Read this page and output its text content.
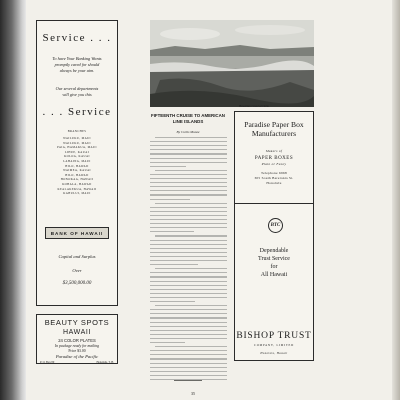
Service . . .
To have Your Banking Wants
promptly cared for should
always be your aim.
Our several departments
will give you this
. . . Service
BRANCHES
WAILUKU, MAUI
WAILUKU, MAUI
PAIA, HAMAKUA, MAUI
LIHUE, KAUAI
KOLOA, KAUAI
LAHAINA, MAUI
HILO, HAWAII
WAIMEA, KAUAI
HILO, HAWAII
HONOKAA, HAWAII
KOHALA, HAWAII
KEALAKEKUA, HAWAII
KAHULUI, MAUI
BANK OF HAWAII
Capital and Surplus
Over
$3,500,000.00
BEAUTY SPOTS
HAWAII
24 COLOR PLATES
In package ready for mailing
Price $3.00
Paradise of the Pacific
P. O. Box 80	Honolulu, T. H.
Hawaiian Coast at Oahu
FIFTEENTH CRUISE TO AMERICAN LINE ISLANDS
By Curtis Munoz
Paradise Paper Box Manufacturers
Makers of
PAPER BOXES
Plain or Fancy
Telephone 6968
305 South Beretania St.
Honolulu
BTC
Dependable
Trust Service
for
All Hawaii
BISHOP TRUST
COMPANY, LIMITED
Honolulu, Hawaii
35
